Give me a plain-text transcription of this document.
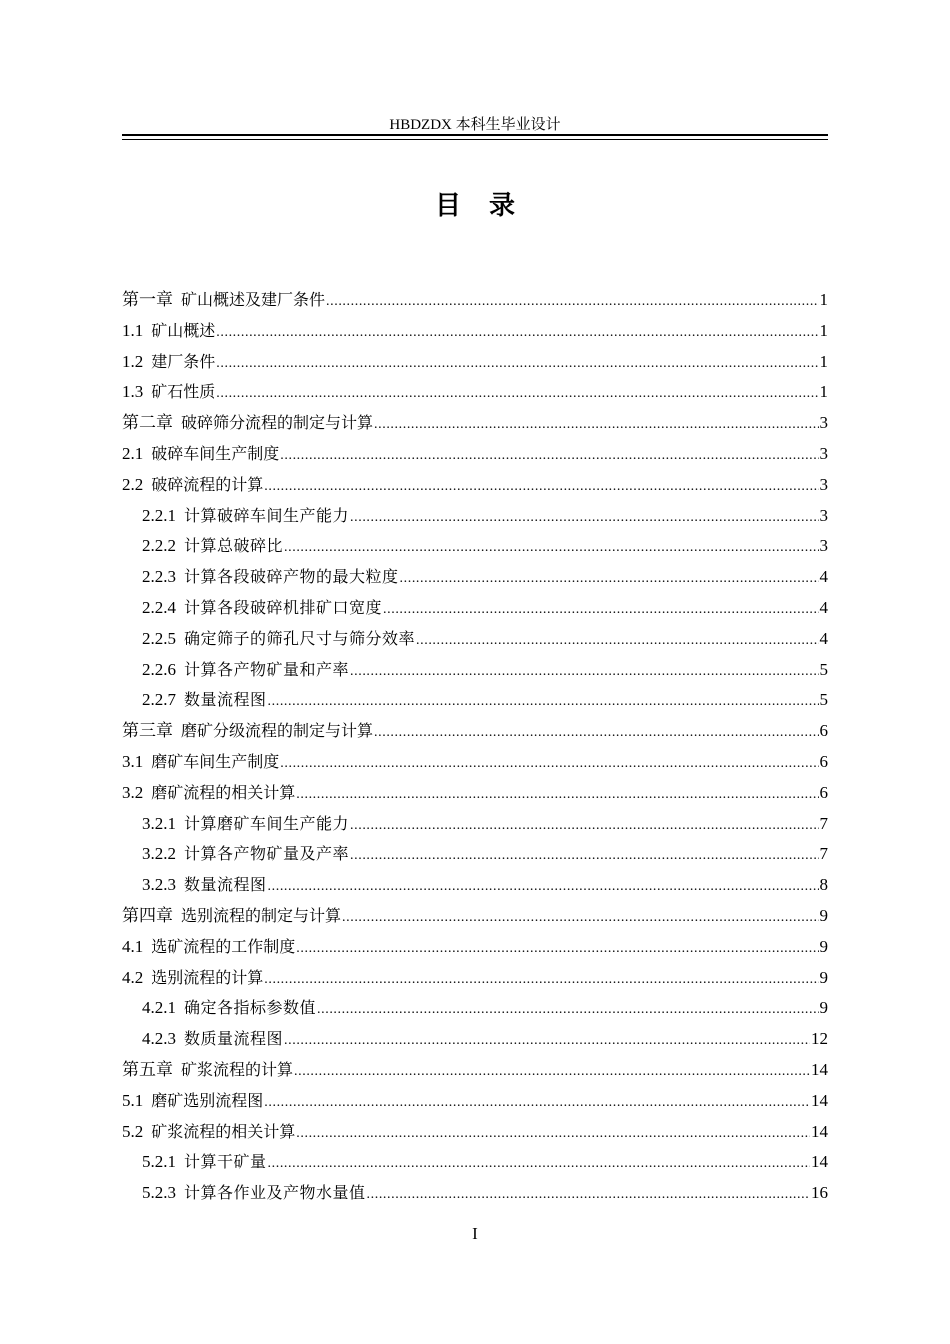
HBDZDX 本科生毕业设计
目录
第一章 矿山概述及建厂条件 .....	1
1.1 矿山概述 .....	1
1.2 建厂条件 .....	1
1.3 矿石性质 .....	1
第二章 破碎筛分流程的制定与计算 .....	3
2.1 破碎车间生产制度 .....	3
2.2 破碎流程的计算 .....	3
2.2.1 计算破碎车间生产能力 .....	3
2.2.2 计算总破碎比 .....	3
2.2.3 计算各段破碎产物的最大粒度 .....	4
2.2.4 计算各段破碎机排矿口宽度 .....	4
2.2.5 确定筛子的筛孔尺寸与筛分效率 .....	4
2.2.6 计算各产物矿量和产率 .....	5
2.2.7 数量流程图 .....	5
第三章 磨矿分级流程的制定与计算 .....	6
3.1 磨矿车间生产制度 .....	6
3.2 磨矿流程的相关计算 .....	6
3.2.1 计算磨矿车间生产能力 .....	7
3.2.2 计算各产物矿量及产率 .....	7
3.2.3 数量流程图 .....	8
第四章 选别流程的制定与计算 .....	9
4.1 选矿流程的工作制度 .....	9
4.2 选别流程的计算 .....	9
4.2.1 确定各指标参数值 .....	9
4.2.3 数质量流程图 .....	12
第五章 矿浆流程的计算 .....	14
5.1 磨矿选别流程图 .....	14
5.2 矿浆流程的相关计算 .....	14
5.2.1 计算干矿量 .....	14
5.2.3 计算各作业及产物水量值 .....	16
I
